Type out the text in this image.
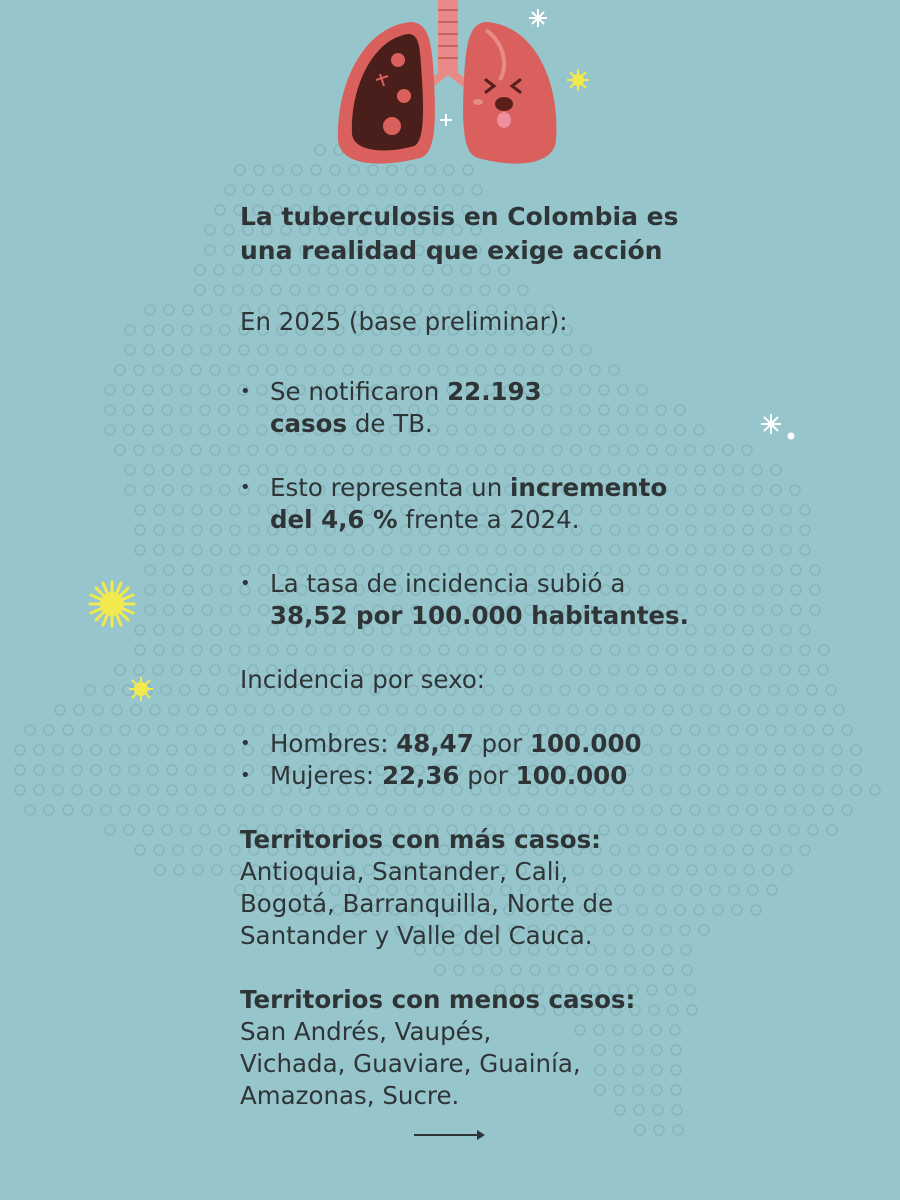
La tuberculosis en Colombia es
una realidad que exige acción

En 2025 (base preliminar):

• Se notificaron 22.193

casos de TB.

• Esto representa un incremento

del 4,6 % frente a 2024.

• La tasa de incidencia subió a

38,52 por 100.000 habitantes.

Incidencia por sexo:

• Hombres: 48,47 por 100.000

• Mujeres: 22,36 por 100.000

Territorios con más casos:

Antioquia, Santander, Cali,

Bogotá, Barranquilla, Norte de

Santander y Valle del Cauca.

Territorios con menos casos:

San Andrés, Vaupés,

Vichada, Guaviare, Guainía,

Amazonas, Sucre.
